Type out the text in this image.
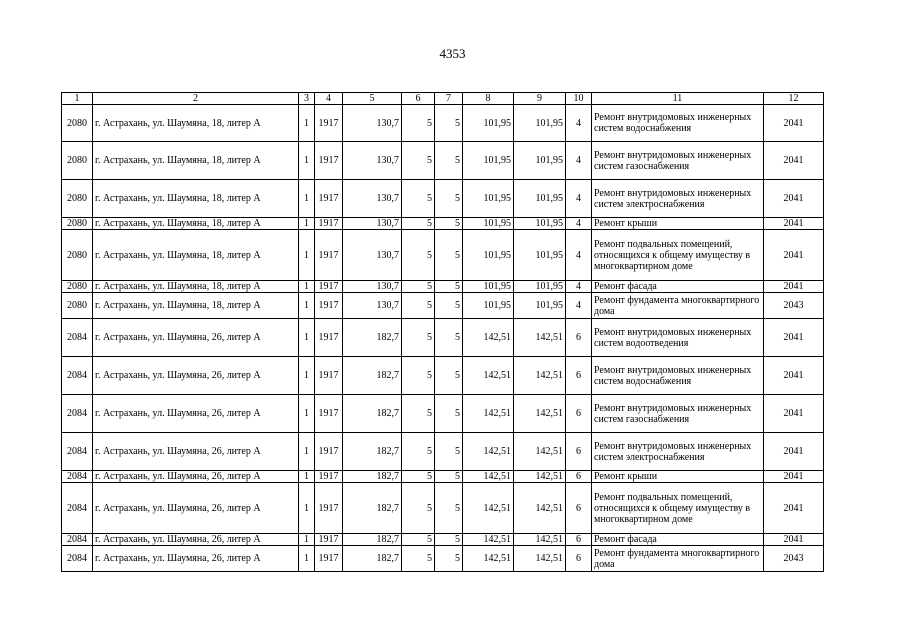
4353
1	2	3	4	5	6	7	8	9	10	11	12
2080	г. Астрахань, ул. Шаумяна, 18, литер А	1	1917	130,7	5	5	101,95	101,95	4	Ремонт внутридомовых инженерных систем водоснабжения	2041
2080	г. Астрахань, ул. Шаумяна, 18, литер А	1	1917	130,7	5	5	101,95	101,95	4	Ремонт внутридомовых инженерных систем газоснабжения	2041
2080	г. Астрахань, ул. Шаумяна, 18, литер А	1	1917	130,7	5	5	101,95	101,95	4	Ремонт внутридомовых инженерных систем электроснабжения	2041
2080	г. Астрахань, ул. Шаумяна, 18, литер А	1	1917	130,7	5	5	101,95	101,95	4	Ремонт крыши	2041
2080	г. Астрахань, ул. Шаумяна, 18, литер А	1	1917	130,7	5	5	101,95	101,95	4	Ремонт подвальных помещений, относящихся к общему имуществу в многоквартирном доме	2041
2080	г. Астрахань, ул. Шаумяна, 18, литер А	1	1917	130,7	5	5	101,95	101,95	4	Ремонт фасада	2041
2080	г. Астрахань, ул. Шаумяна, 18, литер А	1	1917	130,7	5	5	101,95	101,95	4	Ремонт фундамента многоквартирного дома	2043
2084	г. Астрахань, ул. Шаумяна, 26, литер А	1	1917	182,7	5	5	142,51	142,51	6	Ремонт внутридомовых инженерных систем водоотведения	2041
2084	г. Астрахань, ул. Шаумяна, 26, литер А	1	1917	182,7	5	5	142,51	142,51	6	Ремонт внутридомовых инженерных систем водоснабжения	2041
2084	г. Астрахань, ул. Шаумяна, 26, литер А	1	1917	182,7	5	5	142,51	142,51	6	Ремонт внутридомовых инженерных систем газоснабжения	2041
2084	г. Астрахань, ул. Шаумяна, 26, литер А	1	1917	182,7	5	5	142,51	142,51	6	Ремонт внутридомовых инженерных систем электроснабжения	2041
2084	г. Астрахань, ул. Шаумяна, 26, литер А	1	1917	182,7	5	5	142,51	142,51	6	Ремонт крыши	2041
2084	г. Астрахань, ул. Шаумяна, 26, литер А	1	1917	182,7	5	5	142,51	142,51	6	Ремонт подвальных помещений, относящихся к общему имуществу в многоквартирном доме	2041
2084	г. Астрахань, ул. Шаумяна, 26, литер А	1	1917	182,7	5	5	142,51	142,51	6	Ремонт фасада	2041
2084	г. Астрахань, ул. Шаумяна, 26, литер А	1	1917	182,7	5	5	142,51	142,51	6	Ремонт фундамента многоквартирного дома	2043
